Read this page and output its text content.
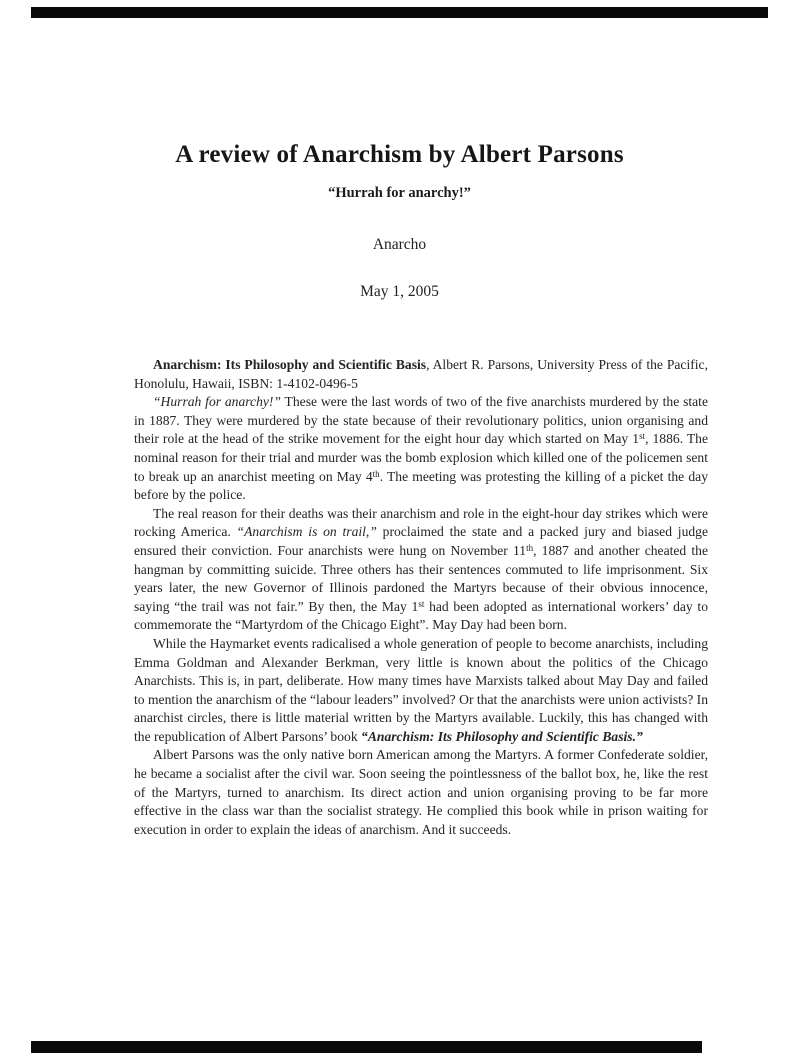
A review of Anarchism by Albert Parsons
“Hurrah for anarchy!”
Anarcho
May 1, 2005

Anarchism: Its Philosophy and Scientific Basis, Albert R. Parsons, University Press of the Pacific, Honolulu, Hawaii, ISBN: 1-4102-0496-5

“Hurrah for anarchy!” These were the last words of two of the five anarchists murdered by the state in 1887. They were murdered by the state because of their revolutionary politics, union organising and their role at the head of the strike movement for the eight hour day which started on May 1st, 1886. The nominal reason for their trial and murder was the bomb explosion which killed one of the policemen sent to break up an anarchist meeting on May 4th. The meeting was protesting the killing of a picket the day before by the police.

The real reason for their deaths was their anarchism and role in the eight-hour day strikes which were rocking America. “Anarchism is on trail,” proclaimed the state and a packed jury and biased judge ensured their conviction. Four anarchists were hung on November 11th, 1887 and another cheated the hangman by committing suicide. Three others has their sentences commuted to life imprisonment. Six years later, the new Governor of Illinois pardoned the Martyrs because of their obvious innocence, saying “the trail was not fair.” By then, the May 1st had been adopted as international workers’ day to commemorate the “Martyrdom of the Chicago Eight”. May Day had been born.

While the Haymarket events radicalised a whole generation of people to become anarchists, including Emma Goldman and Alexander Berkman, very little is known about the politics of the Chicago Anarchists. This is, in part, deliberate. How many times have Marxists talked about May Day and failed to mention the anarchism of the “labour leaders” involved? Or that the anarchists were union activists? In anarchist circles, there is little material written by the Martyrs available. Luckily, this has changed with the republication of Albert Parsons’ book “Anarchism: Its Philosophy and Scientific Basis.”

Albert Parsons was the only native born American among the Martyrs. A former Confederate soldier, he became a socialist after the civil war. Soon seeing the pointlessness of the ballot box, he, like the rest of the Martyrs, turned to anarchism. Its direct action and union organising proving to be far more effective in the class war than the socialist strategy. He complied this book while in prison waiting for execution in order to explain the ideas of anarchism. And it succeeds.
